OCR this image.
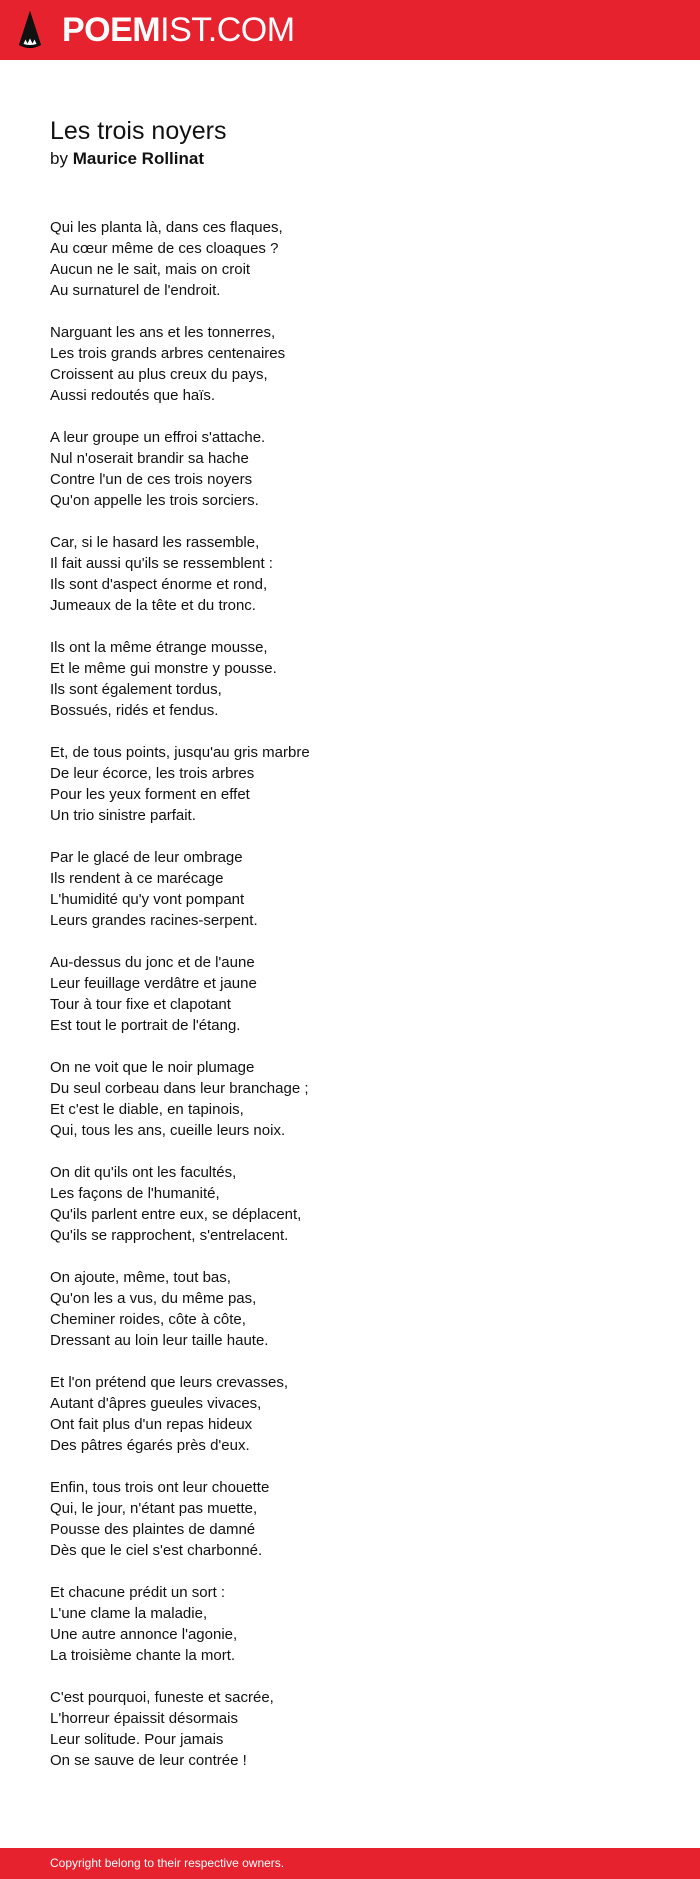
POEMIST.COM
Les trois noyers
by Maurice Rollinat
Qui les planta là, dans ces flaques,
Au cœur même de ces cloaques ?
Aucun ne le sait, mais on croit
Au surnaturel de l'endroit.
Narguant les ans et les tonnerres,
Les trois grands arbres centenaires
Croissent au plus creux du pays,
Aussi redoutés que haïs.
A leur groupe un effroi s'attache.
Nul n'oserait brandir sa hache
Contre l'un de ces trois noyers
Qu'on appelle les trois sorciers.
Car, si le hasard les rassemble,
Il fait aussi qu'ils se ressemblent :
Ils sont d'aspect énorme et rond,
Jumeaux de la tête et du tronc.
Ils ont la même étrange mousse,
Et le même gui monstre y pousse.
Ils sont également tordus,
Bossués, ridés et fendus.
Et, de tous points, jusqu'au gris marbre
De leur écorce, les trois arbres
Pour les yeux forment en effet
Un trio sinistre parfait.
Par le glacé de leur ombrage
Ils rendent à ce marécage
L'humidité qu'y vont pompant
Leurs grandes racines-serpent.
Au-dessus du jonc et de l'aune
Leur feuillage verdâtre et jaune
Tour à tour fixe et clapotant
Est tout le portrait de l'étang.
On ne voit que le noir plumage
Du seul corbeau dans leur branchage ;
Et c'est le diable, en tapinois,
Qui, tous les ans, cueille leurs noix.
On dit qu'ils ont les facultés,
Les façons de l'humanité,
Qu'ils parlent entre eux, se déplacent,
Qu'ils se rapprochent, s'entrelacent.
On ajoute, même, tout bas,
Qu'on les a vus, du même pas,
Cheminer roides, côte à côte,
Dressant au loin leur taille haute.
Et l'on prétend que leurs crevasses,
Autant d'âpres gueules vivaces,
Ont fait plus d'un repas hideux
Des pâtres égarés près d'eux.
Enfin, tous trois ont leur chouette
Qui, le jour, n'étant pas muette,
Pousse des plaintes de damné
Dès que le ciel s'est charbonné.
Et chacune prédit un sort :
L'une clame la maladie,
Une autre annonce l'agonie,
La troisième chante la mort.
C'est pourquoi, funeste et sacrée,
L'horreur épaissit désormais
Leur solitude. Pour jamais
On se sauve de leur contrée !
Copyright belong to their respective owners.
